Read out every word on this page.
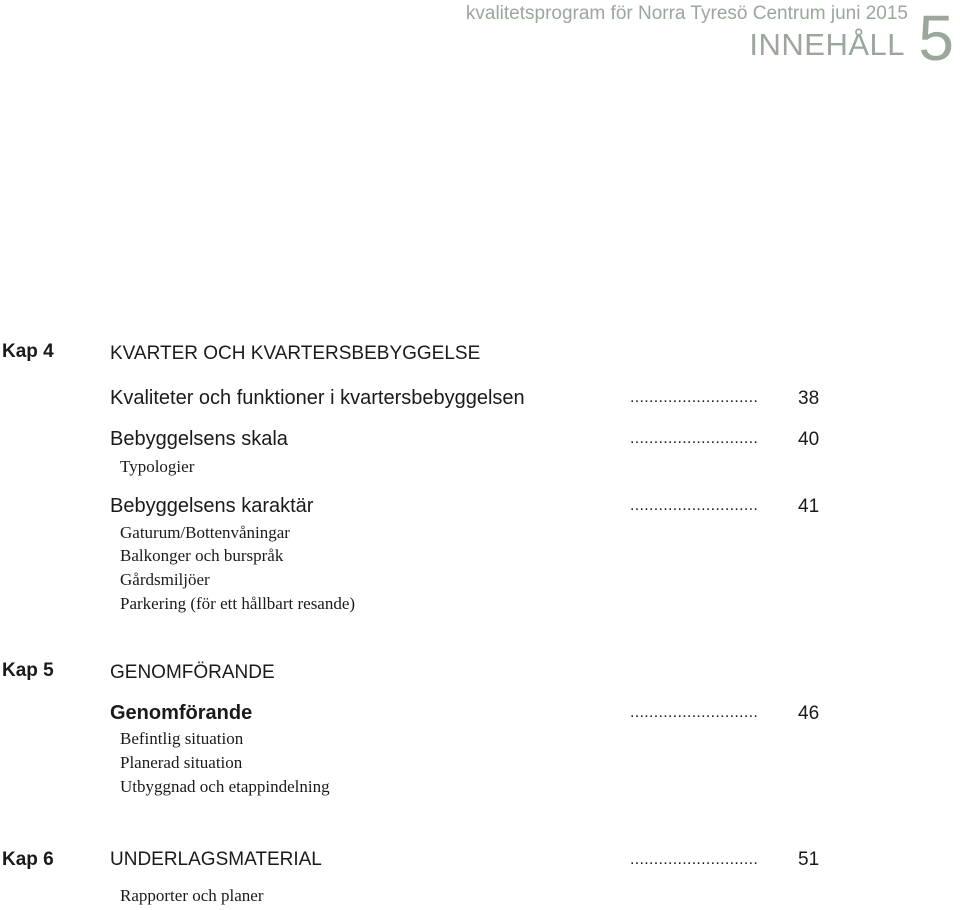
kvalitetsprogram för Norra Tyresö Centrum juni 2015
INNEHÅLL 5
Kap 4	KVARTER OCH KVARTERSBEBYGGELSE
Kvaliteter och funktioner i kvartersbebyggelsen	........................... 38
Bebyggelsens skala	........................... 40
Typologier
Bebyggelsens karaktär	........................... 41
Gaturum/Bottenvåningar
Balkonger och burspråk
Gårdsmiljöer
Parkering (för ett hållbart resande)
Kap 5	GENOMFÖRANDE
Genomförande	........................... 46
Befintlig situation
Planerad situation
Utbyggnad och etappindelning
Kap 6	UNDERLAGSMATERIAL	........................... 51
Rapporter och planer
